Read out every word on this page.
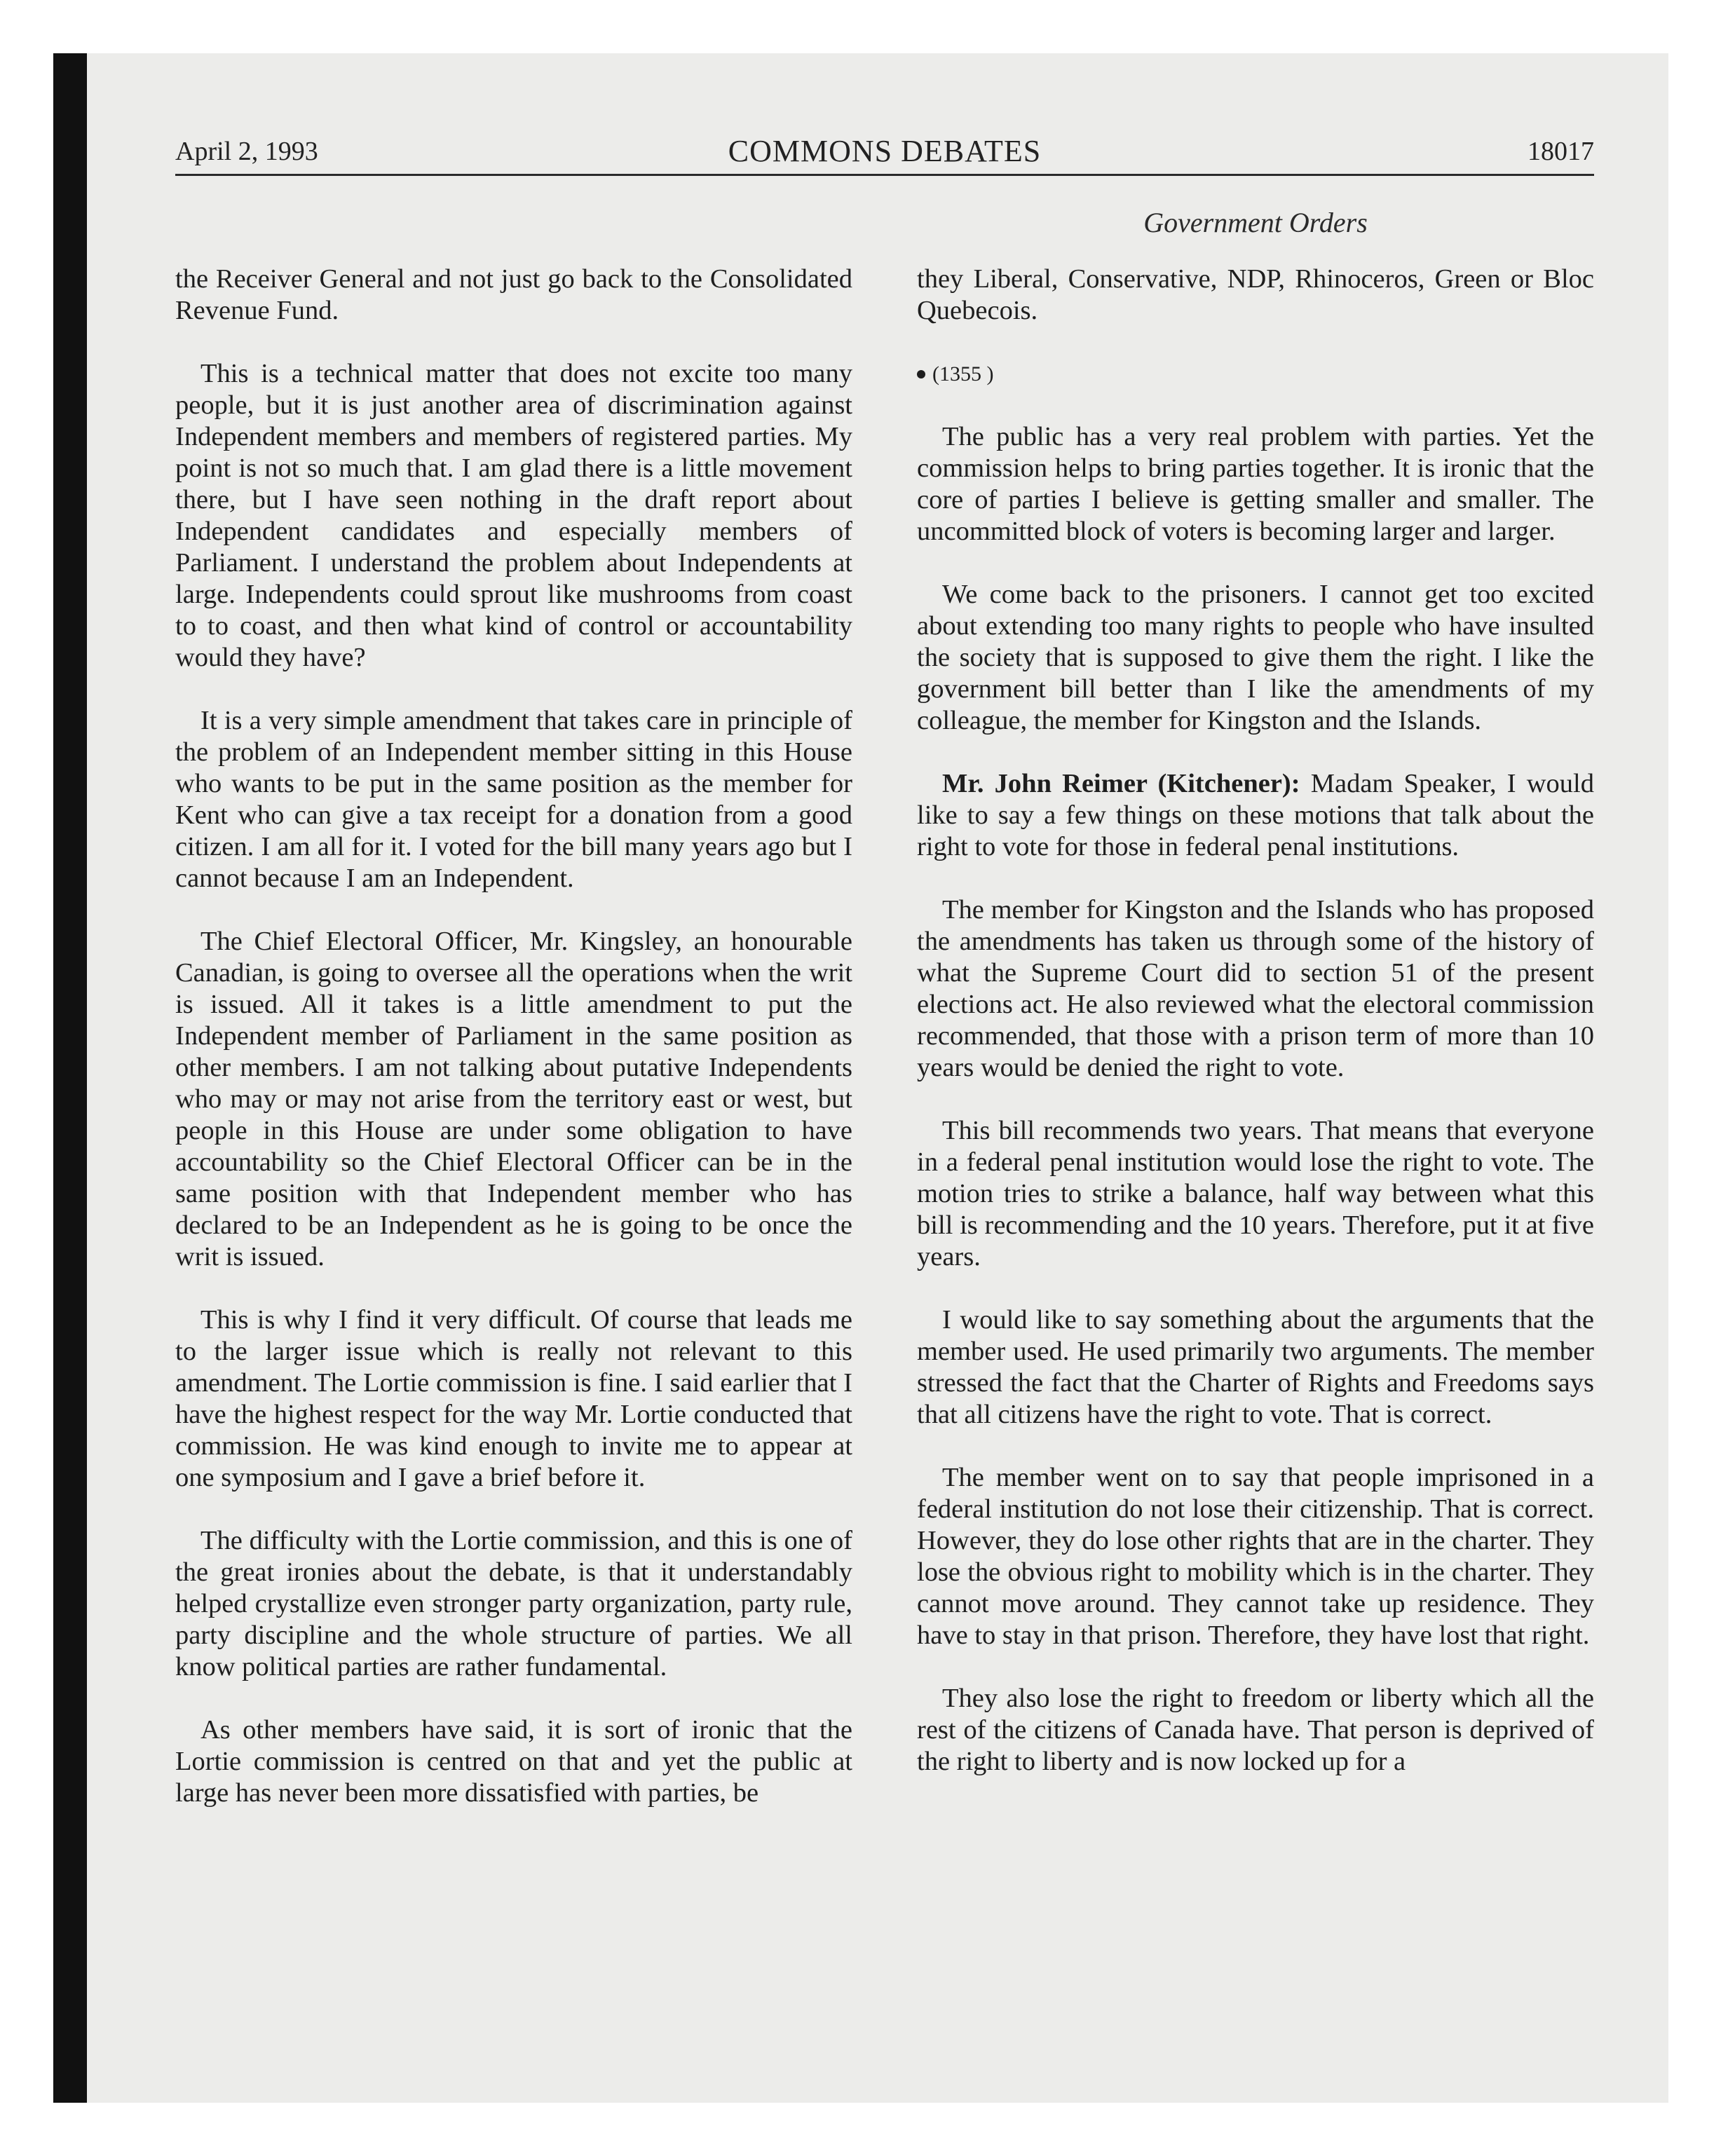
April 2, 1993	COMMONS DEBATES	18017
Government Orders

the Receiver General and not just go back to the Consolidated Revenue Fund.

This is a technical matter that does not excite too many people, but it is just another area of discrimination against Independent members and members of registered parties. My point is not so much that. I am glad there is a little movement there, but I have seen nothing in the draft report about Independent candidates and especially members of Parliament. I understand the problem about Independents at large. Independents could sprout like mushrooms from coast to to coast, and then what kind of control or accountability would they have?

It is a very simple amendment that takes care in principle of the problem of an Independent member sitting in this House who wants to be put in the same position as the member for Kent who can give a tax receipt for a donation from a good citizen. I am all for it. I voted for the bill many years ago but I cannot because I am an Independent.

The Chief Electoral Officer, Mr. Kingsley, an honourable Canadian, is going to oversee all the operations when the writ is issued. All it takes is a little amendment to put the Independent member of Parliament in the same position as other members. I am not talking about putative Independents who may or may not arise from the territory east or west, but people in this House are under some obligation to have accountability so the Chief Electoral Officer can be in the same position with that Independent member who has declared to be an Independent as he is going to be once the writ is issued.

This is why I find it very difficult. Of course that leads me to the larger issue which is really not relevant to this amendment. The Lortie commission is fine. I said earlier that I have the highest respect for the way Mr. Lortie conducted that commission. He was kind enough to invite me to appear at one symposium and I gave a brief before it.

The difficulty with the Lortie commission, and this is one of the great ironies about the debate, is that it understandably helped crystallize even stronger party organization, party rule, party discipline and the whole structure of parties. We all know political parties are rather fundamental.

As other members have said, it is sort of ironic that the Lortie commission is centred on that and yet the public at large has never been more dissatisfied with parties, be

they Liberal, Conservative, NDP, Rhinoceros, Green or Bloc Quebecois.

(1355 )

The public has a very real problem with parties. Yet the commission helps to bring parties together. It is ironic that the core of parties I believe is getting smaller and smaller. The uncommitted block of voters is becoming larger and larger.

We come back to the prisoners. I cannot get too excited about extending too many rights to people who have insulted the society that is supposed to give them the right. I like the government bill better than I like the amendments of my colleague, the member for Kingston and the Islands.

Mr. John Reimer (Kitchener): Madam Speaker, I would like to say a few things on these motions that talk about the right to vote for those in federal penal institutions.

The member for Kingston and the Islands who has proposed the amendments has taken us through some of the history of what the Supreme Court did to section 51 of the present elections act. He also reviewed what the electoral commission recommended, that those with a prison term of more than 10 years would be denied the right to vote.

This bill recommends two years. That means that everyone in a federal penal institution would lose the right to vote. The motion tries to strike a balance, half way between what this bill is recommending and the 10 years. Therefore, put it at five years.

I would like to say something about the arguments that the member used. He used primarily two arguments. The member stressed the fact that the Charter of Rights and Freedoms says that all citizens have the right to vote. That is correct.

The member went on to say that people imprisoned in a federal institution do not lose their citizenship. That is correct. However, they do lose other rights that are in the charter. They lose the obvious right to mobility which is in the charter. They cannot move around. They cannot take up residence. They have to stay in that prison. Therefore, they have lost that right.

They also lose the right to freedom or liberty which all the rest of the citizens of Canada have. That person is deprived of the right to liberty and is now locked up for a
